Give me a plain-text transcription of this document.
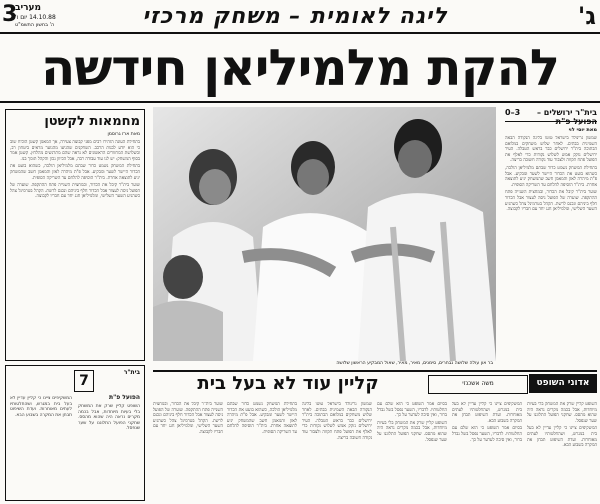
3
מעריב
14.10.88 יום ו'
ה' בחשון התשמ"ט	ליגה לאומית – משחק מרכזי	ג'
להקת מלמיליאן חידשה
3–0 בית"ר ירושלים – הפועל פ"ת
מאת יוסי לוי

שמשון גרינולד בישראל טוטו בליגה הנקודה הבאה השמינית בבתים. לאחר שלוש משחקים במלואם הבתוכה בית"ר ירושלים כבר בראש הטבלה. העיר ירושלים נזקק אמש לשלוש נקודות כדי לאלף את הפועל פתח תקווה ולצבור עוד נקודה חשובה בריצה.

בתחילת המשחק נשמט כדור שבתם מלמיליאן הולכה, כשהוא בועט את הכדור היישר לשער ומבקיע. אבל פ"ת מיהרה לאזן והמאמן חשב שהמשחק יגיע לתוצאה אחרת. בית"ר הוסיפה להלחם עד השריקה הסופית.

שוער בית"ר קיבל את הכדור, ובמחצית השנייה פתח ההתקפה. שוערה של הפועל ניסה לעצור אבל הכדור חלף ביניהם ונכנס לרשת. הקהל בטרמינל צהל כשהגיע השער השלישי, ומלמיליאן חגג יחד עם חבריו לקבוצה.

בר און עולה שלושה נבחרים, סימנים, מאיר, מאיר, שאול המבקיע הראשון שלושה
מחמאות לקשטן
מאת ארז גרוסמן

בתחילת העונה הזהירו רבים מפני קבוצה צעירה, אך המאמן קשטן הוכיח שוב כי הוא יודע לבנות הרכב. השחקנים שהגיעו מהנוער מראים ביטחון רב, ובשלושת המחזורים הראשונים לא נראה שהם מתרגשים מהלחץ. קשטן אמר בסוף המשחק: יש לנו עוד עבודה רבה, אבל הכיוון נכון והקהל תומך בנו.

בתחילת המשחק נשמט כדור שבתם מלמיליאן הולכה, כשהוא בועט את הכדור היישר לשער ומבקיע. אבל פ"ת מיהרה לאזן והמאמן חשב שהמשחק יגיע לתוצאה אחרת. בית"ר הוסיפה להלחם עד השריקה הסופית.

שוער בית"ר קיבל את הכדור, ובמחצית השנייה פתח ההתקפה. שוערה של הפועל ניסה לעצור אבל הכדור חלף ביניהם ונכנס לרשת. הקהל בטרמינל צהל כשהגיע השער השלישי, ומלמיליאן חגג יחד עם חבריו לקבוצה.

קליין עוד לא בעל בית	משה אשכנזי	אדוני השופט

השופט קליין שרק את המשחק בלי בעיות מיוחדות, אבל בכמה מקרים נראה היה שהוא מהסס. שחקני הפועל התלוננו על שער שנפסל.

המשקיפים ציינו כי קליין עדיין לא בעל בית במגרש, ושהחלטותיו לעתים מאוחרות. ועדת השיפוט תבחן את המקרה בשבוע הבא.

המשקיפים ציינו כי קליין עדיין לא בעל בית במגרש, ושהחלטותיו לעתים מאוחרות. ועדת השיפוט תבחן את המקרה בשבוע הבא.

בסיום אמר השופט כי הוא שלם עם החלטותיו. לדבריו, השער נפסל בשל נבדל ברור, ואין סיבה לערער על כך.

בסיום אמר השופט כי הוא שלם עם החלטותיו. לדבריו, השער נפסל בשל נבדל ברור, ואין סיבה לערער על כך.

השופט קליין שרק את המשחק בלי בעיות מיוחדות, אבל בכמה מקרים נראה היה שהוא מהסס. שחקני הפועל התלוננו על שער שנפסל.

שמשון גרינולד בישראל טוטו בליגה הנקודה הבאה השמינית בבתים. לאחר שלוש משחקים במלואם הבתוכה בית"ר ירושלים כבר בראש הטבלה. העיר ירושלים נזקק אמש לשלוש נקודות כדי לאלף את הפועל פתח תקווה ולצבור עוד נקודה חשובה בריצה.

בתחילת המשחק נשמט כדור שבתם מלמיליאן הולכה, כשהוא בועט את הכדור היישר לשער ומבקיע. אבל פ"ת מיהרה לאזן והמאמן חשב שהמשחק יגיע לתוצאה אחרת. בית"ר הוסיפה להלחם עד השריקה הסופית.

שוער בית"ר קיבל את הכדור, ובמחצית השנייה פתח ההתקפה. שוערה של הפועל ניסה לעצור אבל הכדור חלף ביניהם ונכנס לרשת. הקהל בטרמינל צהל כשהגיע השער השלישי, ומלמיליאן חגג יחד עם חבריו לקבוצה.

בית"ר
7
הפועל פ"ת

השופט קליין שרק את המשחק בלי בעיות מיוחדות, אבל בכמה מקרים נראה היה שהוא מהסס. שחקני הפועל התלוננו על שער שנפסל.

המשקיפים ציינו כי קליין עדיין לא בעל בית במגרש, ושהחלטותיו לעתים מאוחרות. ועדת השיפוט תבחן את המקרה בשבוע הבא.
